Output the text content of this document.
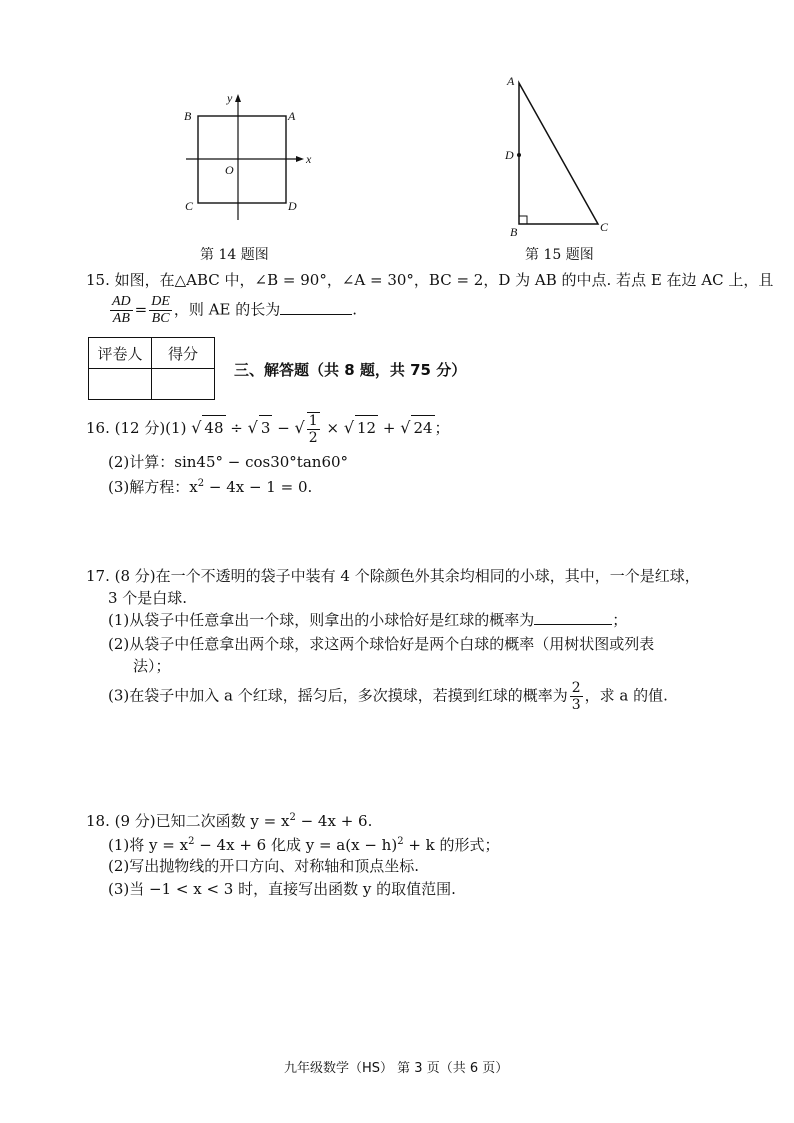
y
x
B	A
C	D
O
第 14 题图
A
D
B	C
第 15 题图
15. 如图，在△ABC 中，∠B = 90°，∠A = 30°，BC = 2，D 为 AB 的中点. 若点 E 在边 AC 上，且
$\frac{AD}{AB} = \frac{DE}{BC}$ ，则 AE 的长为	.
评卷人	得分

三、解答题（共 8 题，共 75 分）
16. (12 分)(1) √ 48 ÷ √ 3 − √ $\frac{1}{2}$ × √ 12 + √ 24 ；
(2)计算：sin45° − cos30°tan60°
(3)解方程：$x^2 - 4x - 1 = 0$.
17. (8 分)在一个不透明的袋子中装有 4 个除颜色外其余均相同的小球，其中，一个是红球，
3 个是白球.
(1)从袋子中任意拿出一个球，则拿出的小球恰好是红球的概率为	；
(2)从袋子中任意拿出两个球，求这两个球恰好是两个白球的概率（用树状图或列表
法）；
(3)在袋子中加入 a 个红球，摇匀后，多次摸球，若摸到红球的概率为 $\frac{2}{3}$ ，求 a 的值.
18. (9 分)已知二次函数 $y = x^2 - 4x + 6$.
(1)将 $y = x^2 - 4x + 6$ 化成 $y = a(x - h)^2 + k$ 的形式；
(2)写出抛物线的开口方向、对称轴和顶点坐标.
(3)当 −1 < x < 3 时，直接写出函数 y 的取值范围.
九年级数学（HS） 第 3 页（共 6 页）
